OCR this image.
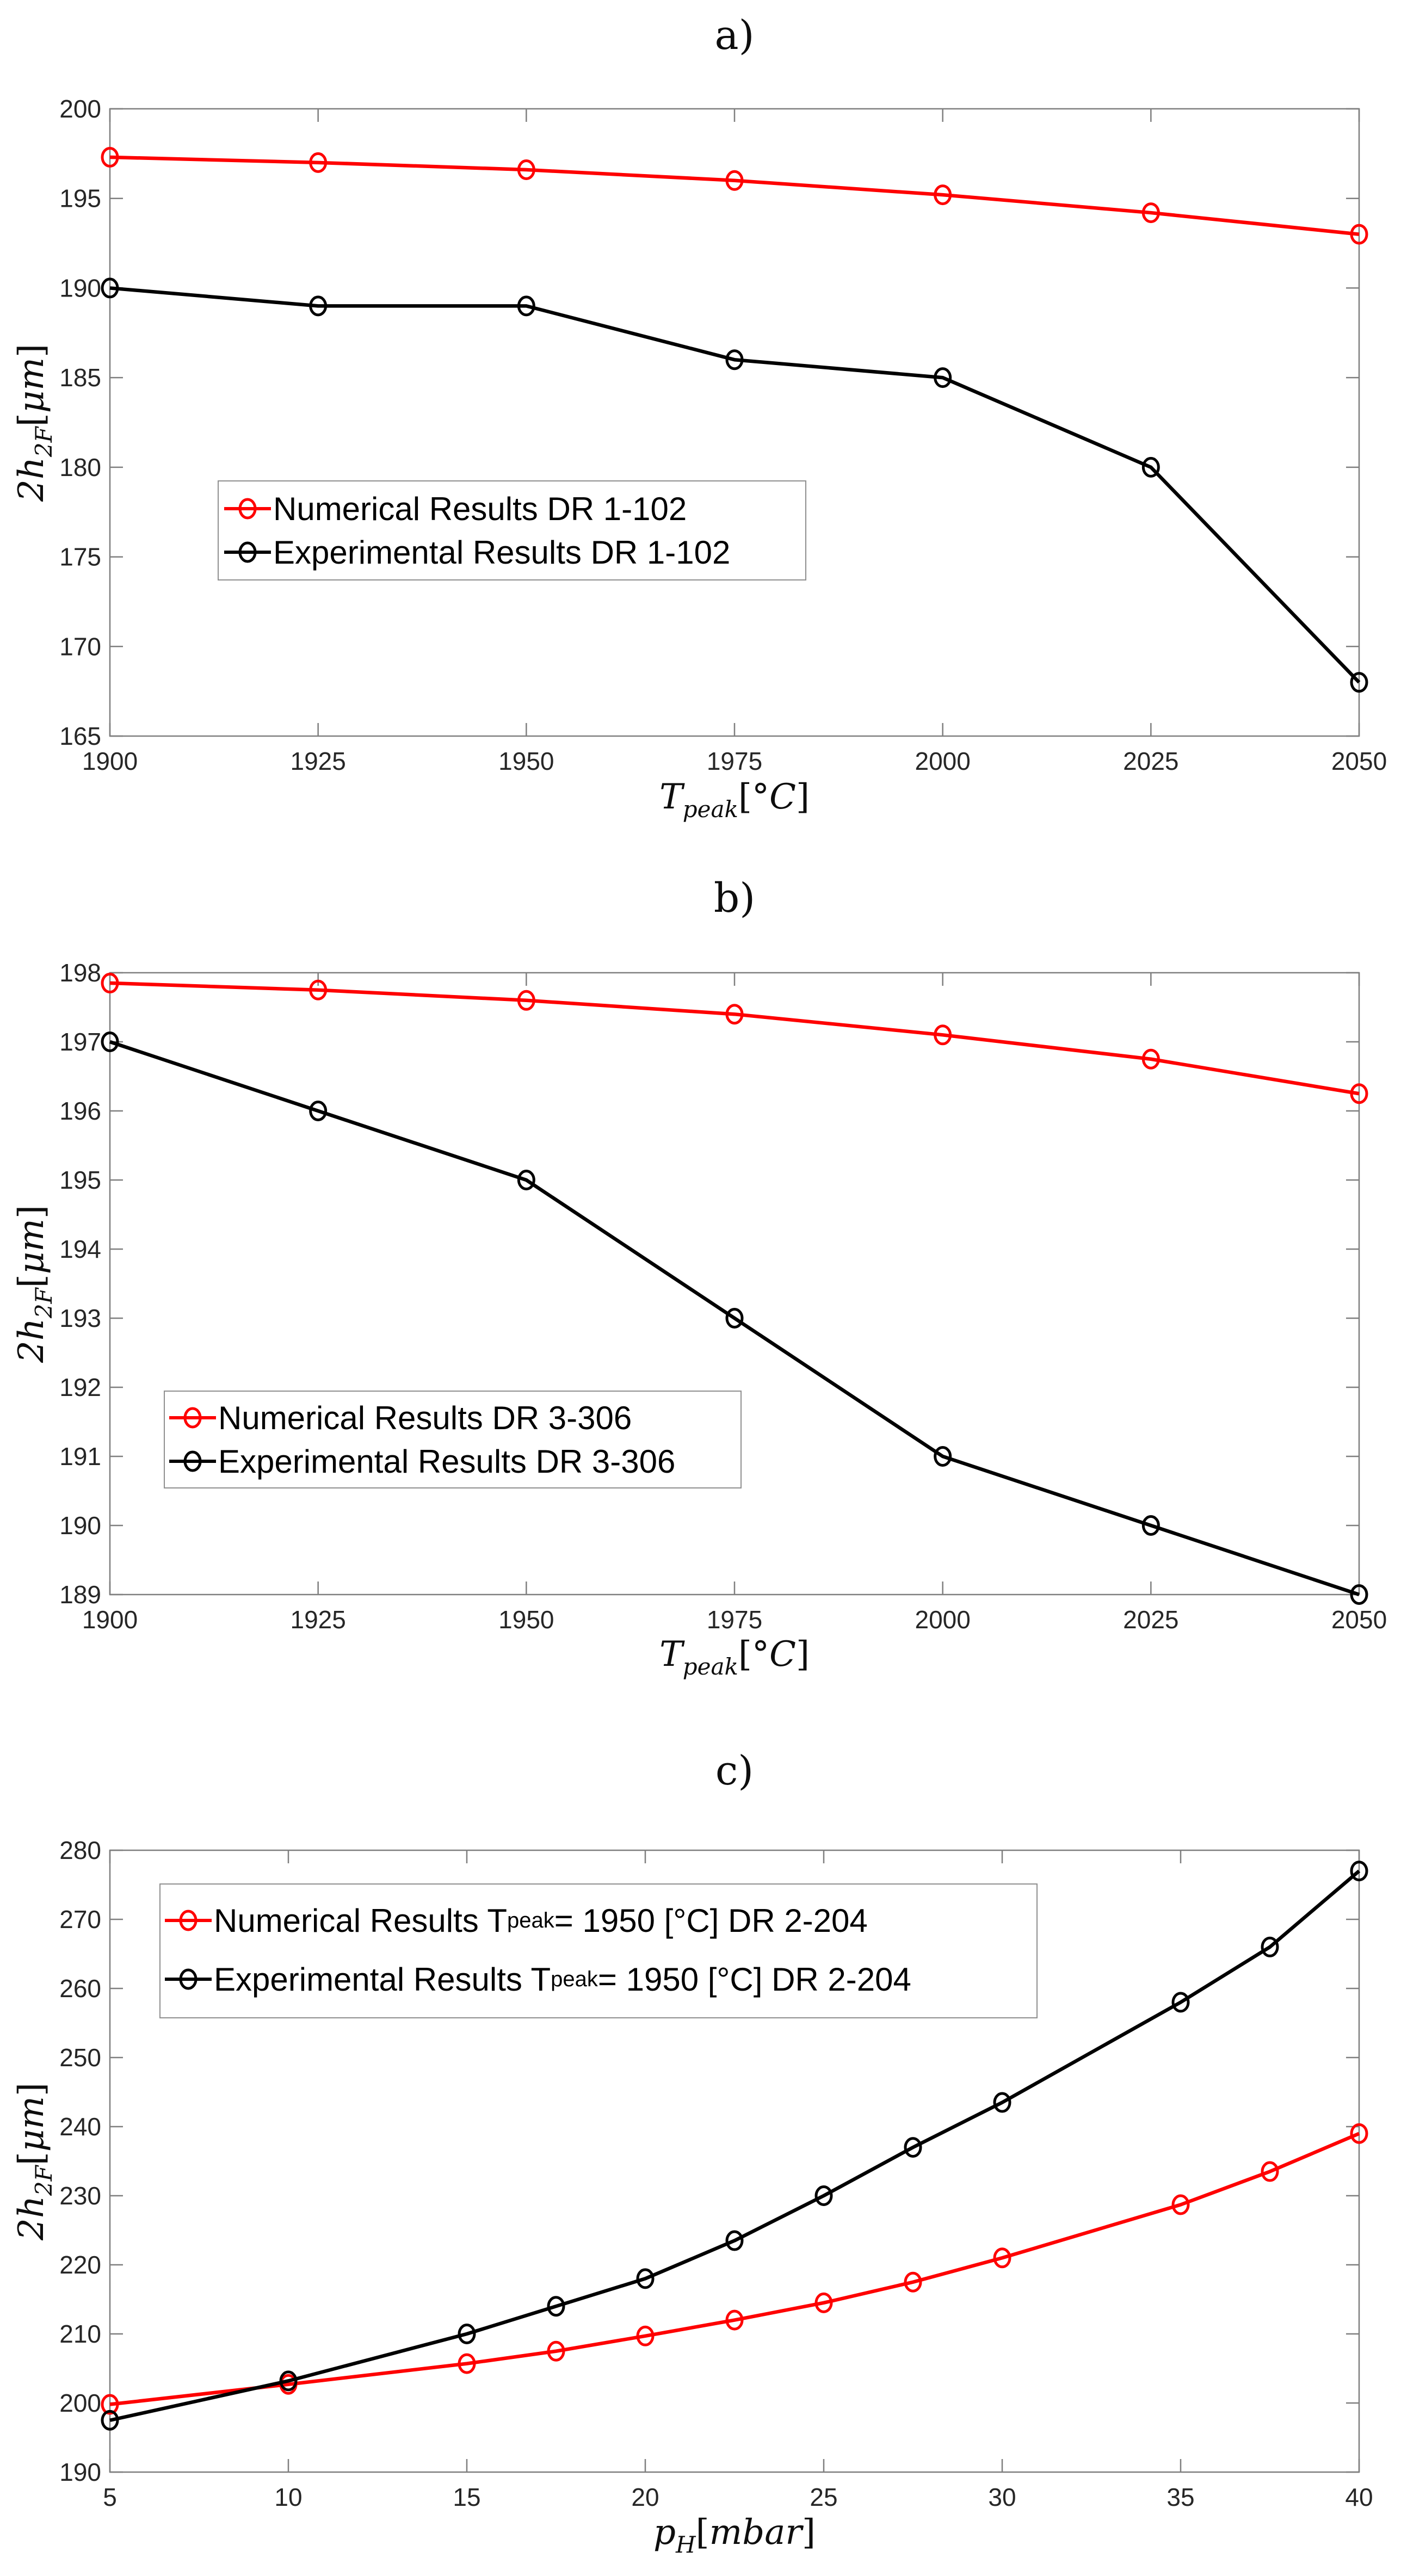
1900	1925	1950	1975	2000	2025	2050
165
170
175
180
185
190
195
200
1900	1925	1950	1975	2000	2025	2050
189
190
191
192
193
194
195
196
197
198
5	10	15	20	25	30	35	40
190
200
210
220
230
240
250
260
270
280
a)
$2h_{2F}[\mu m]$
$T_{peak}[^\circ C]$
Numerical Results DR 1-102
Experimental Results DR 1-102
b)
$2h_{2F}[\mu m]$
$T_{peak}[^\circ C]$
Numerical Results DR 3-306
Experimental Results DR 3-306
c)
$2h_{2F}[\mu m]$
$p_H[mbar]$
Numerical Results T peak = 1950 [°C] DR 2-204
Experimental Results T peak = 1950 [°C] DR 2-204
